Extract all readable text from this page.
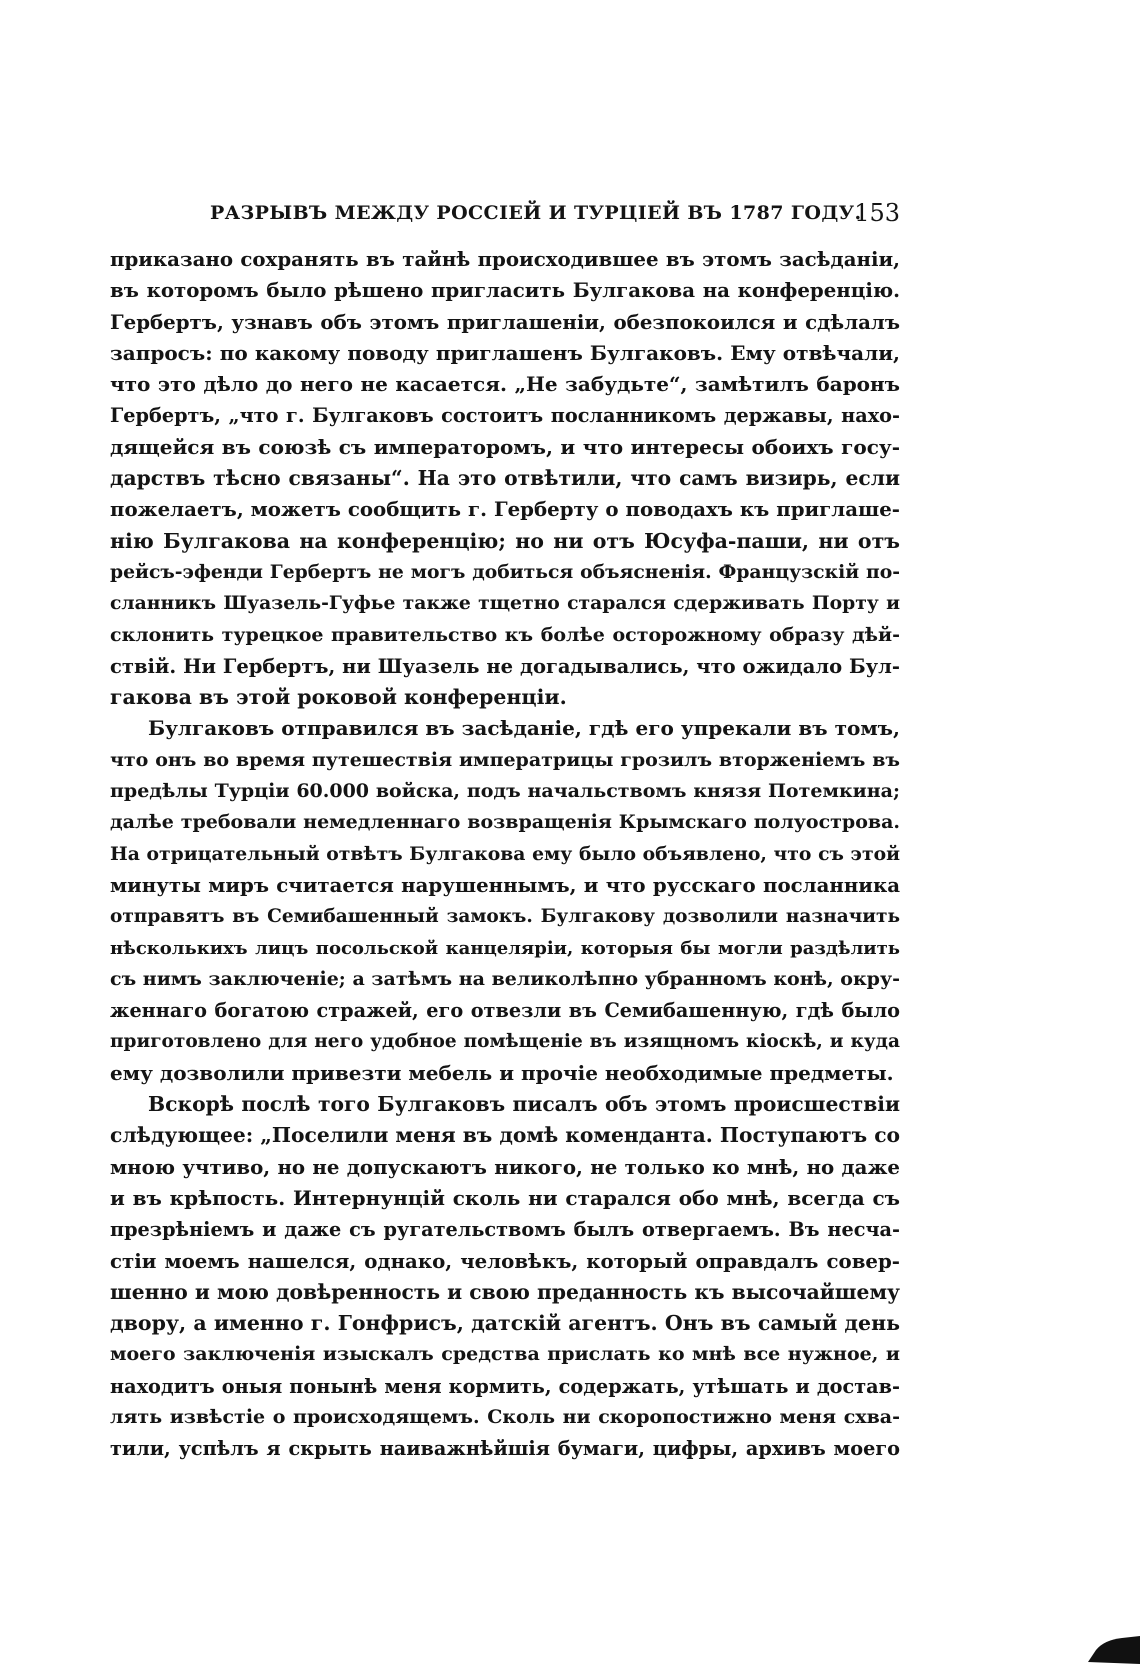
РАЗРЫВЪ МЕЖДУ РОССІЕЙ И ТУРЦІЕЙ ВЪ 1787 ГОДУ.
153
приказано сохранять въ тайнѣ происходившее въ этомъ засѣданіи,
въ которомъ было рѣшено пригласить Булгакова на конференцію.
Гербертъ, узнавъ объ этомъ приглашеніи, обезпокоился и сдѣлалъ
запросъ: по какому поводу приглашенъ Булгаковъ. Ему отвѣчали,
что это дѣло до него не касается. „Не забудьте“, замѣтилъ баронъ
Гербертъ, „что г. Булгаковъ состоитъ посланникомъ державы, нахо-
дящейся въ союзѣ съ императоромъ, и что интересы обоихъ госу-
дарствъ тѣсно связаны“. На это отвѣтили, что самъ визирь, если
пожелаетъ, можетъ сообщить г. Герберту о поводахъ къ приглаше-
нію Булгакова на конференцію; но ни отъ Юсуфа-паши, ни отъ
рейсъ-эфенди Гербертъ не могъ добиться объясненія. Французскій по-
сланникъ Шуазель-Гуфье также тщетно старался сдерживать Порту и
склонить турецкое правительство къ болѣе осторожному образу дѣй-
ствій. Ни Гербертъ, ни Шуазель не догадывались, что ожидало Бул-
гакова въ этой роковой конференціи.
Булгаковъ отправился въ засѣданіе, гдѣ его упрекали въ томъ,
что онъ во время путешествія императрицы грозилъ вторженіемъ въ
предѣлы Турціи 60.000 войска, подъ начальствомъ князя Потемкина;
далѣе требовали немедленнаго возвращенія Крымскаго полуострова.
На отрицательный отвѣтъ Булгакова ему было объявлено, что съ этой
минуты миръ считается нарушеннымъ, и что русскаго посланника
отправятъ въ Семибашенный замокъ. Булгакову дозволили назначить
нѣсколькихъ лицъ посольской канцеляріи, которыя бы могли раздѣлить
съ нимъ заключеніе; а затѣмъ на великолѣпно убранномъ конѣ, окру-
женнаго богатою стражей, его отвезли въ Семибашенную, гдѣ было
приготовлено для него удобное помѣщеніе въ изящномъ кіоскѣ, и куда
ему дозволили привезти мебель и прочіе необходимые предметы.
Вскорѣ послѣ того Булгаковъ писалъ объ этомъ происшествіи
слѣдующее: „Поселили меня въ домѣ коменданта. Поступаютъ со
мною учтиво, но не допускаютъ никого, не только ко мнѣ, но даже
и въ крѣпость. Интернунцій сколь ни старался обо мнѣ, всегда съ
презрѣніемъ и даже съ ругательствомъ былъ отвергаемъ. Въ несча-
стіи моемъ нашелся, однако, человѣкъ, который оправдалъ совер-
шенно и мою довѣренность и свою преданность къ высочайшему
двору, а именно г. Гонфрисъ, датскій агентъ. Онъ въ самый день
моего заключенія изыскалъ средства прислать ко мнѣ все нужное, и
находитъ оныя понынѣ меня кормить, содержать, утѣшать и достав-
лять извѣстіе о происходящемъ. Сколь ни скоропостижно меня схва-
тили, успѣлъ я скрыть наиважнѣйшія бумаги, цифры, архивъ моего
